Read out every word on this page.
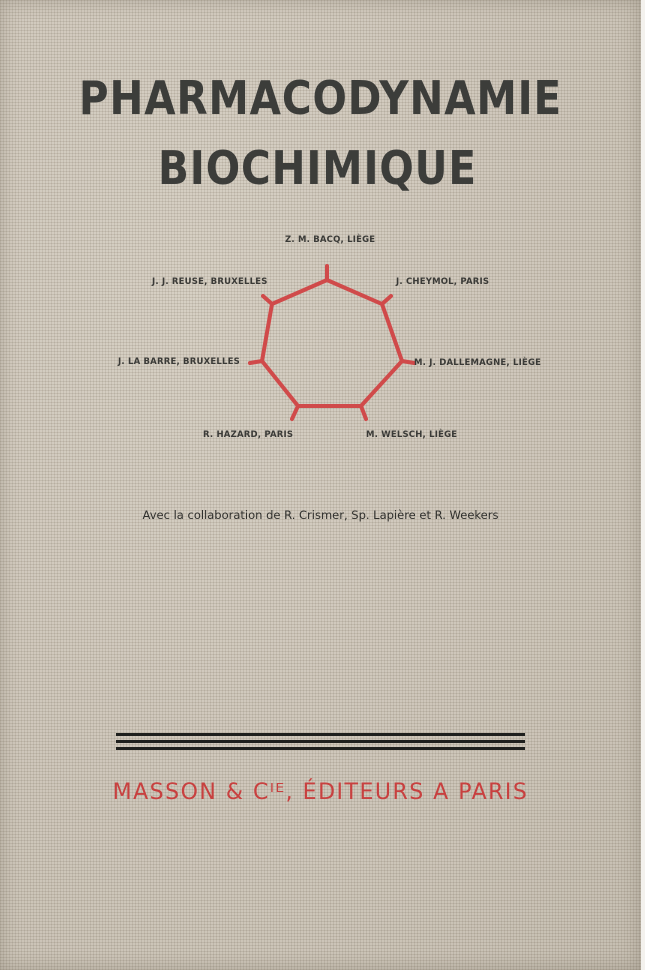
PHARMACODYNAMIE
BIOCHIMIQUE
Z. M. BACQ, LIÈGE
J. J. REUSE, BRUXELLES	J. CHEYMOL, PARIS
J. LA BARRE, BRUXELLES	M. J. DALLEMAGNE, LIÈGE
R. HAZARD, PARIS	M. WELSCH, LIÈGE
Avec la collaboration de R. Crismer, Sp. Lapière et R. Weekers
MASSON & Cᴵᴱ, ÉDITEURS A PARIS
